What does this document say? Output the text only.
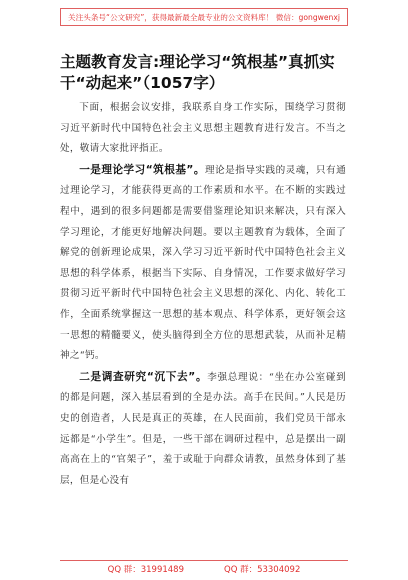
关注头条号“公文研究”，获得最新最全最专业的公文资料库！ 微信：gongwenxj
主题教育发言:理论学习“筑根基”真抓实干“动起来”（1057字）

下面，根据会议安排，我联系自身工作实际，围绕学习贯彻习近平新时代中国特色社会主义思想主题教育进行发言。不当之处，敬请大家批评指正。

一是理论学习“筑根基”。理论是指导实践的灵魂，只有通过理论学习，才能获得更高的工作素质和水平。在不断的实践过程中，遇到的很多问题都是需要借鉴理论知识来解决，只有深入学习理论，才能更好地解决问题。要以主题教育为载体，全面了解党的创新理论成果，深入学习习近平新时代中国特色社会主义思想的科学体系，根据当下实际、自身情况，工作要求做好学习贯彻习近平新时代中国特色社会主义思想的深化、内化、转化工作，全面系统掌握这一思想的基本观点、科学体系，更好领会这一思想的精髓要义，使头脑得到全方位的思想武装，从而补足精神之“钙。

二是调查研究“沉下去”。李强总理说：“坐在办公室碰到的都是问题，深入基层看到的全是办法。高手在民间。”人民是历史的创造者，人民是真正的英雄，在人民面前，我们党员干部永远都是“小学生”。但是，一些干部在调研过程中，总是摆出一副高高在上的“官架子”，羞于或耻于向群众请教，虽然身体到了基层，但是心没有

QQ 群：31991489	QQ 群：53304092
